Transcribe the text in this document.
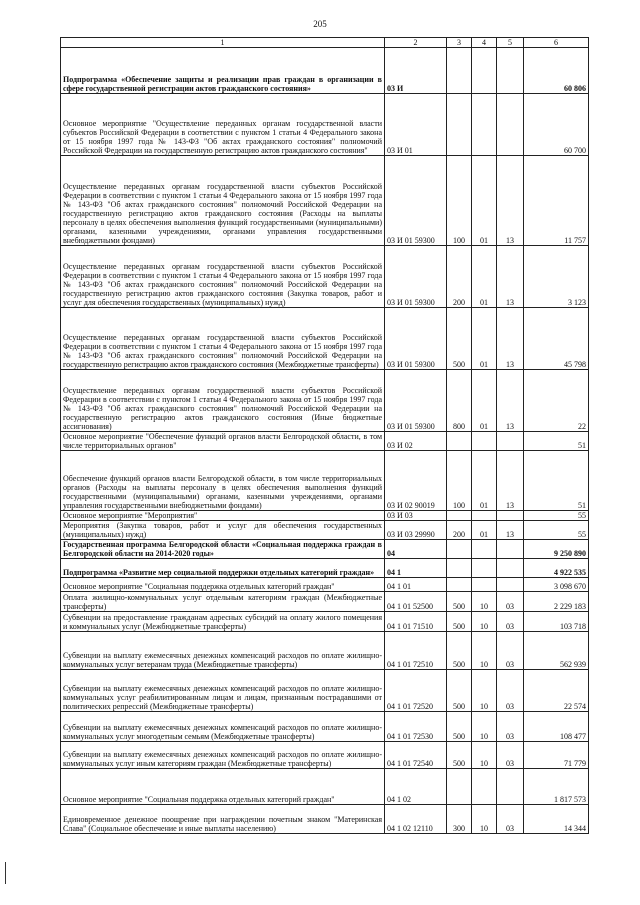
205
1	2	3	4	5	6
Подпрограмма «Обеспечение защиты и реализации прав граждан в организации в сфере государственной регистрации актов гражданского состояния»	03 И				60 806
Основное мероприятие "Осуществление переданных органам государственной власти субъектов Российской Федерации в соответствии с пунктом 1 статьи 4 Федерального закона от 15 ноября 1997 года № 143-ФЗ "Об актах гражданского состояния" полномочий Российской Федерации на государственную регистрацию актов гражданского состояния"	03 И 01				60 700
Осуществление переданных органам государственной власти субъектов Российской Федерации в соответствии с пунктом 1 статьи 4 Федерального закона от 15 ноября 1997 года № 143-ФЗ "Об актах гражданского состояния" полномочий Российской Федерации на государственную регистрацию актов гражданского состояния (Расходы на выплаты персоналу в целях обеспечения выполнения функций государственными (муниципальными) органами, казенными учреждениями, органами управления государственными внебюджетными фондами)	03 И 01 59300	100	01	13	11 757
Осуществление переданных органам государственной власти субъектов Российской Федерации в соответствии с пунктом 1 статьи 4 Федерального закона от 15 ноября 1997 года № 143-ФЗ "Об актах гражданского состояния" полномочий Российской Федерации на государственную регистрацию актов гражданского состояния (Закупка товаров, работ и услуг для обеспечения государственных (муниципальных) нужд)	03 И 01 59300	200	01	13	3 123
Осуществление переданных органам государственной власти субъектов Российской Федерации в соответствии с пунктом 1 статьи 4 Федерального закона от 15 ноября 1997 года № 143-ФЗ "Об актах гражданского состояния" полномочий Российской Федерации на государственную регистрацию актов гражданского состояния (Межбюджетные трансферты)	03 И 01 59300	500	01	13	45 798
Осуществление переданных органам государственной власти субъектов Российской Федерации в соответствии с пунктом 1 статьи 4 Федерального закона от 15 ноября 1997 года № 143-ФЗ "Об актах гражданского состояния" полномочий Российской Федерации на государственную регистрацию актов гражданского состояния (Иные бюджетные ассигнования)	03 И 01 59300	800	01	13	22
Основное мероприятие "Обеспечение функций органов власти Белгородской области, в том числе территориальных органов"	03 И 02				51
Обеспечение функций органов власти Белгородской области, в том числе территориальных органов (Расходы на выплаты персоналу в целях обеспечения выполнения функций государственными (муниципальными) органами, казенными учреждениями, органами управления государственными внебюджетными фондами)	03 И 02 90019	100	01	13	51
Основное мероприятие "Мероприятия"	03 И 03				55
Мероприятия (Закупка товаров, работ и услуг для обеспечения государственных (муниципальных) нужд)	03 И 03 29990	200	01	13	55
Государственная программа Белгородской области «Социальная поддержка граждан в Белгородской области на 2014-2020 годы»	04				9 250 890
Подпрограмма «Развитие мер социальной поддержки отдельных категорий граждан»	04 1				4 922 535
Основное мероприятие "Социальная поддержка отдельных категорий граждан"	04 1 01				3 098 670
Оплата жилищно-коммунальных услуг отдельным категориям граждан (Межбюджетные трансферты)	04 1 01 52500	500	10	03	2 229 183
Субвенции на предоставление гражданам адресных субсидий на оплату жилого помещения и коммунальных услуг (Межбюджетные трансферты)	04 1 01 71510	500	10	03	103 718
Субвенции на выплату ежемесячных денежных компенсаций расходов по оплате жилищно-коммунальных услуг ветеранам труда (Межбюджетные трансферты)	04 1 01 72510	500	10	03	562 939
Субвенции на выплату ежемесячных денежных компенсаций расходов по оплате жилищно-коммунальных услуг реабилитированным лицам и лицам, признанным пострадавшими от политических репрессий (Межбюджетные трансферты)	04 1 01 72520	500	10	03	22 574
Субвенции на выплату ежемесячных денежных компенсаций расходов по оплате жилищно-коммунальных услуг многодетным семьям (Межбюджетные трансферты)	04 1 01 72530	500	10	03	108 477
Субвенции на выплату ежемесячных денежных компенсаций расходов по оплате жилищно-коммунальных услуг иным категориям граждан (Межбюджетные трансферты)	04 1 01 72540	500	10	03	71 779
Основное мероприятие "Социальная поддержка отдельных категорий граждан"	04 1 02				1 817 573
Единовременное денежное поощрение при награждении почетным знаком "Материнская Слава" (Социальное обеспечение и иные выплаты населению)	04 1 02 12110	300	10	03	14 344
